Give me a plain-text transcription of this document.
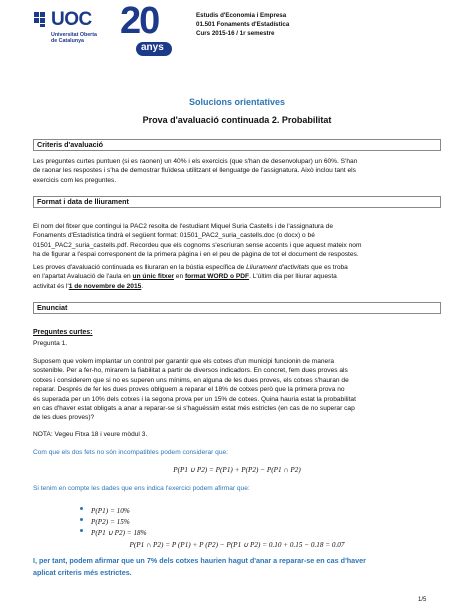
UOC
Universitat Oberta
de Catalunya 20
anys
Estudis d'Economia i Empresa
01.501 Fonaments d'Estadística
Curs 2015-16 / 1r semestre
Solucions orientatives
Prova d'avaluació continuada 2. Probabilitat
Criteris d'avaluació
Les preguntes curtes puntuen (si es raonen) un 40% i els exercicis (que s'han de desenvolupar) un 60%. S'han
de raonar les respostes i s'ha de demostrar fluïdesa utilitzant el llenguatge de l'assignatura. Això inclou tant els
exercicis com les preguntes.
Format i data de lliurament
El nom del fitxer que contingui la PAC2 resolta de l'estudiant Miquel Suria Castells i de l'assignatura de
Fonaments d'Estadística tindrà el següent format: 01501_PAC2_suria_castells.doc (o docx) o bé
01501_PAC2_suria_castells.pdf. Recordeu que els cognoms s'escriuran sense accents i que aquest mateix nom
ha de figurar a l'espai corresponent de la primera pàgina i en el peu de pàgina de tot el document de respostes.
Les proves d'avaluació continuada es lliuraran en la bústia específica de Lliurament d'activitats que es troba
en l'apartat Avaluació de l'aula en un únic fitxer en format WORD o PDF. L'últim dia per lliurar aquesta
activitat és l'1 de novembre de 2015.
Enunciat
Preguntes curtes:
Pregunta 1.
Suposem que volem implantar un control per garantir que els cotxes d'un municipi funcionin de manera
sostenible. Per a fer-ho, mirarem la fiabilitat a partir de diversos indicadors. En concret, fem dues proves als
cotxes i considerem que si no es superen uns mínims, en alguna de les dues proves, els cotxes s'hauran de
reparar. Després de fer les dues proves obliguem a reparar el 18% de cotxes però que la primera prova no
és superada per un 10% dels cotxes i la segona prova per un 15% de cotxes. Quina hauria estat la probabilitat
en cas d'haver estat obligats a anar a reparar-se si s'haguéssim estat més estrictes (en cas de no superar cap
de les dues proves)?
NOTA: Vegeu Fitxa 18 i veure mòdul 3.
Com que els dos fets no són incompatibles podem considerar que:
P(P1 ∪ P2) = P(P1) + P(P2) − P(P1 ∩ P2)
Si tenim en compte les dades que ens indica l'exercici podem afirmar que:
P(P1) = 10%
P(P2) = 15%
P(P1 ∪ P2) = 18%
P(P1 ∩ P2) = P (P1) + P (P2) − P(P1 ∪ P2) = 0.10 + 0.15 − 0.18 = 0.07
I, per tant, podem afirmar que un 7% dels cotxes haurien hagut d'anar a reparar-se en cas d'haver
aplicat criteris més estrictes.
1/5
